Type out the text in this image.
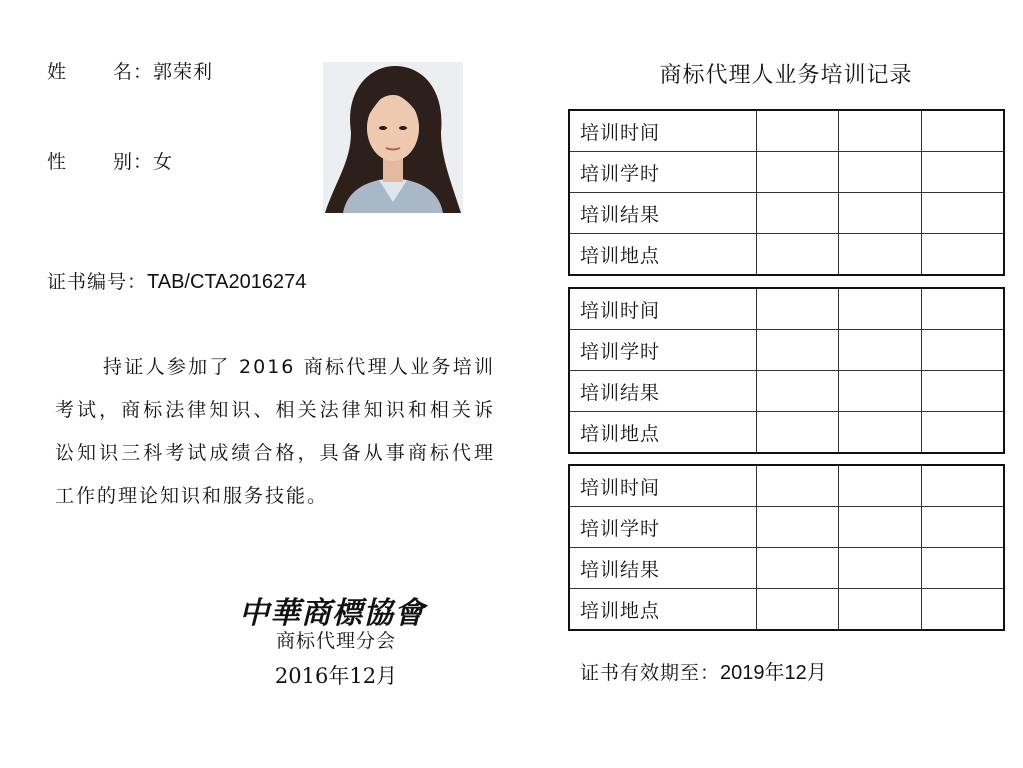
姓 名：郭荣利
性 别：女
证书编号：TAB/CTA2016274
持证人参加了 2016 商标代理人业务培训考试，商标法律知识、相关法律知识和相关诉讼知识三科考试成绩合格，具备从事商标代理工作的理论知识和服务技能。
中華商標協會
商标代理分会
2016年12月
商标代理人业务培训记录
培训时间			
培训学时			
培训结果			
培训地点			
培训时间			
培训学时			
培训结果			
培训地点			
培训时间			
培训学时			
培训结果			
培训地点			
证书有效期至：2019年12月
